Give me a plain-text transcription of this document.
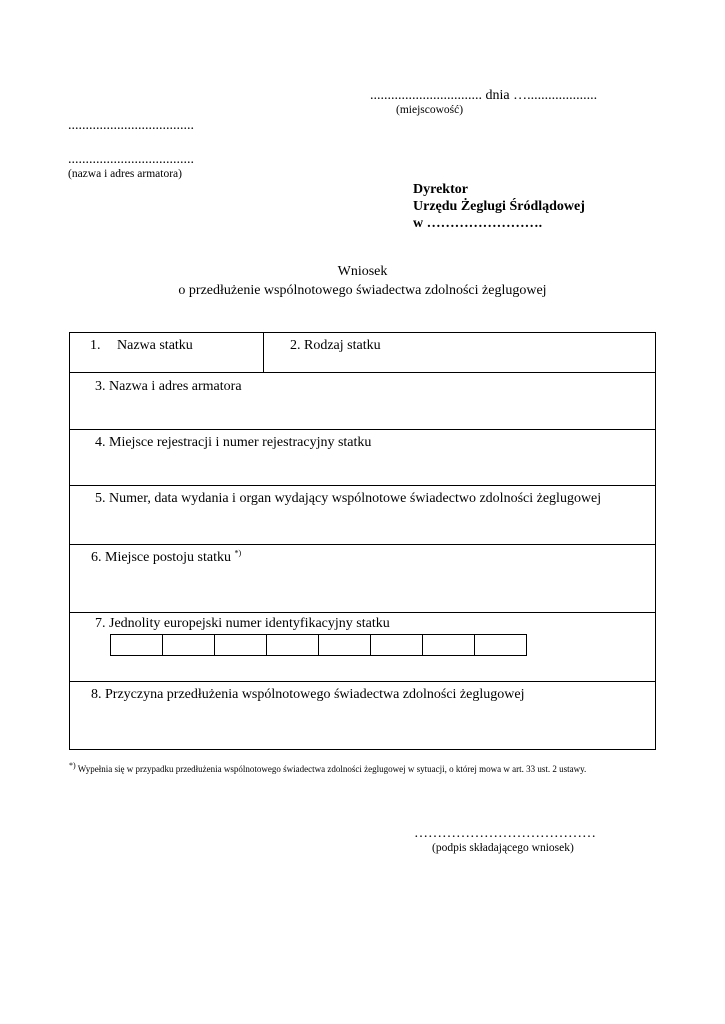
................................ dnia …....................
(miejscowość)
....................................
....................................
(nazwa i adres armatora)
Dyrektor
Urzędu Żeglugi Śródlądowej
w …………………….
Wniosek
o przedłużenie wspólnotowego świadectwa zdolności żeglugowej
1. Nazwa statku	2. Rodzaj statku
3. Nazwa i adres armatora
4. Miejsce rejestracji i numer rejestracyjny statku
5. Numer, data wydania i organ wydający wspólnotowe świadectwo zdolności żeglugowej
6. Miejsce postoju statku *)
7. Jednolity europejski numer identyfikacyjny statku
8. Przyczyna przedłużenia wspólnotowego świadectwa zdolności żeglugowej
*) Wypełnia się w przypadku przedłużenia wspólnotowego świadectwa zdolności żeglugowej w sytuacji, o której mowa w art. 33 ust. 2 ustawy.
…………………………………
(podpis składającego wniosek)
